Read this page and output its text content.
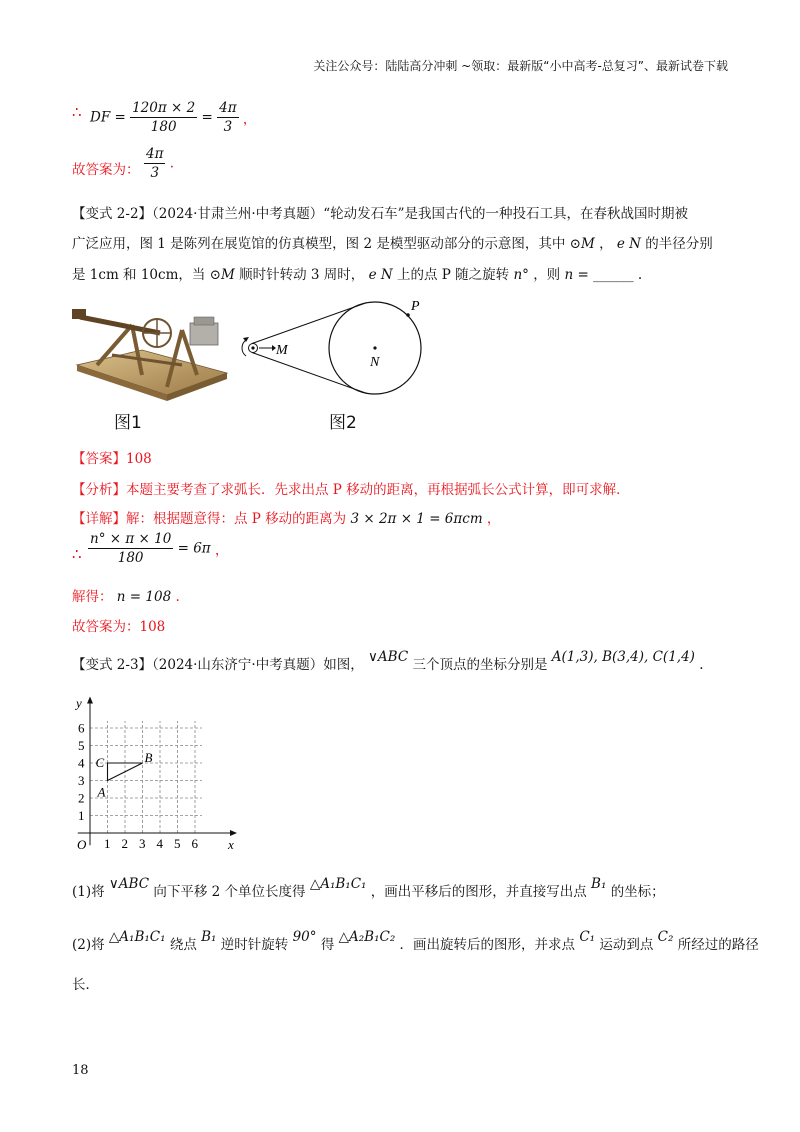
关注公众号：陆陆高分冲刺 ~领取：最新版“小中高考-总复习”、最新试卷下载
∴ DF = $\frac{120\pi \times 2}{180} = \frac{4\pi}{3}$ ，
故答案为： $\frac{4\pi}{3}$ .
【变式 2-2】（2024·甘肃兰州·中考真题）“轮动发石车”是我国古代的一种投石工具，在春秋战国时期被
广泛应用，图 1 是陈列在展览馆的仿真模型，图 2 是模型驱动部分的示意图，其中 ⊙M ， e N 的半径分别
是 1cm 和 10cm，当 ⊙M 顺时针转动 3 周时， e N 上的点 P 随之旋转 n° ，则 n = ______ .
P
M
N
图1	图2
【答案】108
【分析】本题主要考查了求弧长．先求出点 P 移动的距离，再根据弧长公式计算，即可求解．
【详解】解：根据题意得：点 P 移动的距离为 3 × 2π × 1 = 6πcm ，
∴ $\frac{n^\circ \times \pi \times 10}{180} = 6\pi$ ，
解得： n = 108 .
故答案为：108
【变式 2-3】（2024·山东济宁·中考真题）如图， ∨ABC 三个顶点的坐标分别是 A(1,3), B(3,4), C(1,4) .
1 2 3 4 5 6
1
2
3
4
5
6
y
x
O
A
B
C
(1)将 ∨ABC 向下平移 2 个单位长度得 △A₁B₁C₁ ，画出平移后的图形，并直接写出点 B₁ 的坐标；
(2)将 △A₁B₁C₁ 绕点 B₁ 逆时针旋转 90° 得 △A₂B₁C₂ ．画出旋转后的图形，并求点 C₁ 运动到点 C₂ 所经过的路径
长．
18
